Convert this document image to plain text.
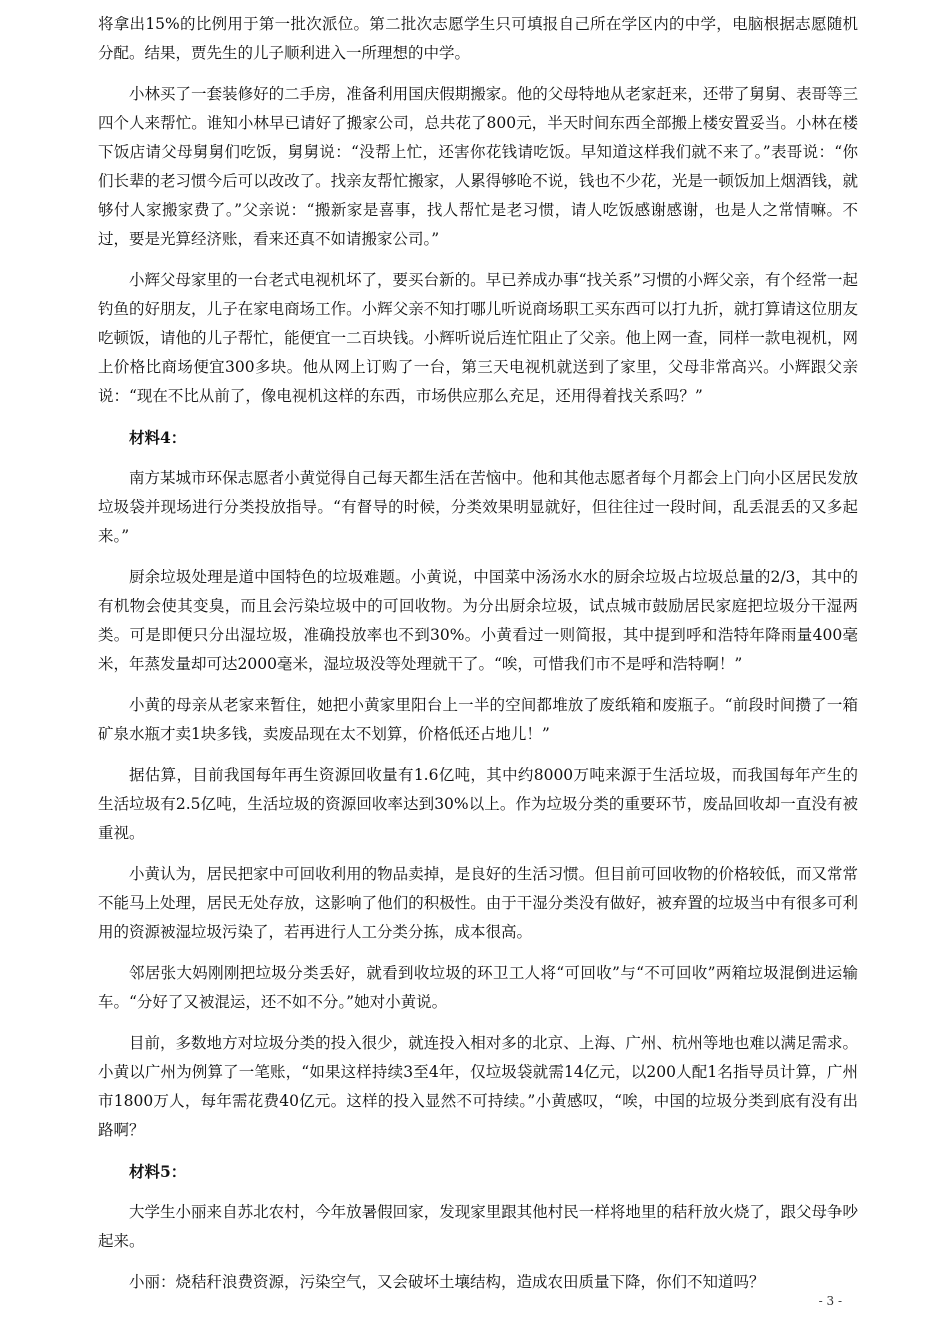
将拿出15%的比例用于第一批次派位。第二批次志愿学生只可填报自己所在学区内的中学，电脑根据志愿随机分配。结果，贾先生的儿子顺利进入一所理想的中学。

小林买了一套装修好的二手房，准备利用国庆假期搬家。他的父母特地从老家赶来，还带了舅舅、表哥等三四个人来帮忙。谁知小林早已请好了搬家公司，总共花了800元，半天时间东西全部搬上楼安置妥当。小林在楼下饭店请父母舅舅们吃饭，舅舅说：“没帮上忙，还害你花钱请吃饭。早知道这样我们就不来了。”表哥说：“你们长辈的老习惯今后可以改改了。找亲友帮忙搬家，人累得够呛不说，钱也不少花，光是一顿饭加上烟酒钱，就够付人家搬家费了。”父亲说：“搬新家是喜事，找人帮忙是老习惯，请人吃饭感谢感谢，也是人之常情嘛。不过，要是光算经济账，看来还真不如请搬家公司。”

小辉父母家里的一台老式电视机坏了，要买台新的。早已养成办事“找关系”习惯的小辉父亲，有个经常一起钓鱼的好朋友，儿子在家电商场工作。小辉父亲不知打哪儿听说商场职工买东西可以打九折，就打算请这位朋友吃顿饭，请他的儿子帮忙，能便宜一二百块钱。小辉听说后连忙阻止了父亲。他上网一查，同样一款电视机，网上价格比商场便宜300多块。他从网上订购了一台，第三天电视机就送到了家里，父母非常高兴。小辉跟父亲说：“现在不比从前了，像电视机这样的东西，市场供应那么充足，还用得着找关系吗？”

材料4：

南方某城市环保志愿者小黄觉得自己每天都生活在苦恼中。他和其他志愿者每个月都会上门向小区居民发放垃圾袋并现场进行分类投放指导。“有督导的时候，分类效果明显就好，但往往过一段时间，乱丢混丢的又多起来。”

厨余垃圾处理是道中国特色的垃圾难题。小黄说，中国菜中汤汤水水的厨余垃圾占垃圾总量的2/3，其中的有机物会使其变臭，而且会污染垃圾中的可回收物。为分出厨余垃圾，试点城市鼓励居民家庭把垃圾分干湿两类。可是即便只分出湿垃圾，准确投放率也不到30%。小黄看过一则简报，其中提到呼和浩特年降雨量400毫米，年蒸发量却可达2000毫米，湿垃圾没等处理就干了。“唉，可惜我们市不是呼和浩特啊！”

小黄的母亲从老家来暂住，她把小黄家里阳台上一半的空间都堆放了废纸箱和废瓶子。“前段时间攒了一箱矿泉水瓶才卖1块多钱，卖废品现在太不划算，价格低还占地儿！”

据估算，目前我国每年再生资源回收量有1.6亿吨，其中约8000万吨来源于生活垃圾，而我国每年产生的生活垃圾有2.5亿吨，生活垃圾的资源回收率达到30%以上。作为垃圾分类的重要环节，废品回收却一直没有被重视。

小黄认为，居民把家中可回收利用的物品卖掉，是良好的生活习惯。但目前可回收物的价格较低，而又常常不能马上处理，居民无处存放，这影响了他们的积极性。由于干湿分类没有做好，被弃置的垃圾当中有很多可利用的资源被湿垃圾污染了，若再进行人工分类分拣，成本很高。

邻居张大妈刚刚把垃圾分类丢好，就看到收垃圾的环卫工人将“可回收”与“不可回收”两箱垃圾混倒进运输车。“分好了又被混运，还不如不分。”她对小黄说。

目前，多数地方对垃圾分类的投入很少，就连投入相对多的北京、上海、广州、杭州等地也难以满足需求。小黄以广州为例算了一笔账，“如果这样持续3至4年，仅垃圾袋就需14亿元，以200人配1名指导员计算，广州市1800万人，每年需花费40亿元。这样的投入显然不可持续。”小黄感叹，“唉，中国的垃圾分类到底有没有出路啊？

材料5：

大学生小丽来自苏北农村，今年放暑假回家，发现家里跟其他村民一样将地里的秸秆放火烧了，跟父母争吵起来。

小丽：烧秸秆浪费资源，污染空气，又会破坏土壤结构，造成农田质量下降，你们不知道吗？

- 3 -
